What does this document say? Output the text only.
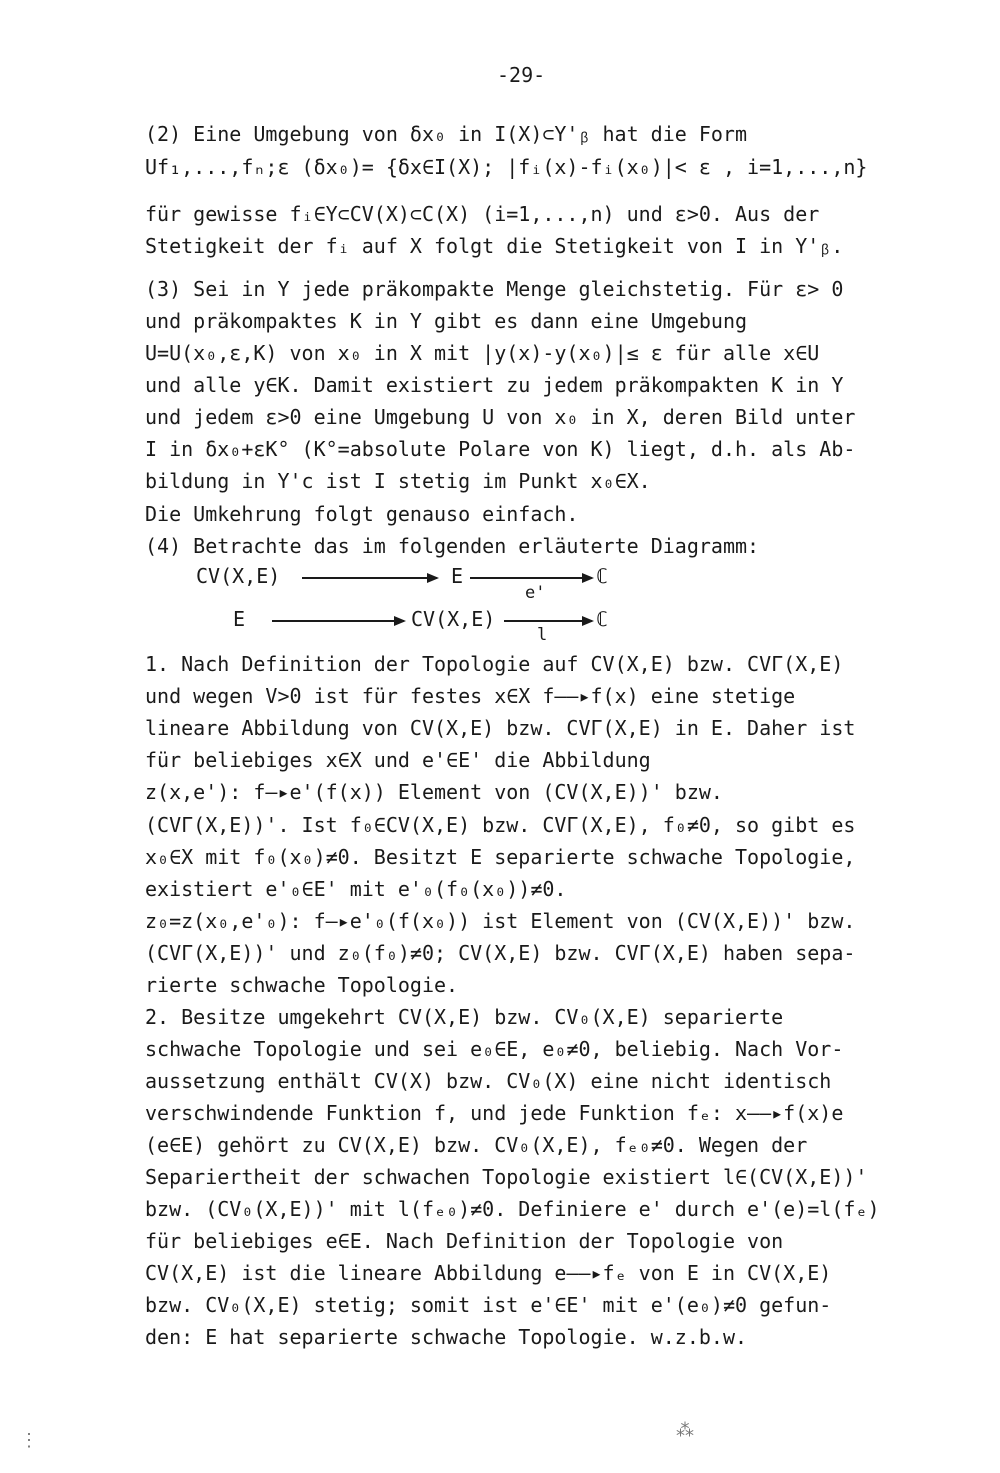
-29-
(2) Eine Umgebung von δx₀ in I(X)⊂Y'ᵦ hat die Form
Uf₁,...,fₙ;ε (δx₀)= {δx∈I(X); |fᵢ(x)-fᵢ(x₀)|< ε , i=1,...,n}
für gewisse fᵢ∈Y⊂CV(X)⊂C(X) (i=1,...,n) und ε>0. Aus der
Stetigkeit der fᵢ auf X folgt die Stetigkeit von I in Y'ᵦ.
(3) Sei in Y jede präkompakte Menge gleichstetig. Für ε> 0
und präkompaktes K in Y gibt es dann eine Umgebung
U=U(x₀,ε,K) von x₀ in X mit |y(x)-y(x₀)|≤ ε für alle x∈U
und alle y∈K. Damit existiert zu jedem präkompakten K in Y
und jedem ε>0 eine Umgebung U von x₀ in X, deren Bild unter
I in δx₀+εK° (K°=absolute Polare von K) liegt, d.h. als Ab-
bildung in Y'c ist I stetig im Punkt x₀∈X.
Die Umkehrung folgt genauso einfach.
(4) Betrachte das im folgenden erläuterte Diagramm:
CV(X,E)	E
e'
ℂ
E	CV(X,E)
l
ℂ
1. Nach Definition der Topologie auf CV(X,E) bzw. CVΓ(X,E)
und wegen V>0 ist für festes x∈X f——▸f(x) eine stetige
lineare Abbildung von CV(X,E) bzw. CVΓ(X,E) in E. Daher ist
für beliebiges x∈X und e'∈E' die Abbildung
z(x,e'): f—▸e'(f(x)) Element von (CV(X,E))' bzw.
(CVΓ(X,E))'. Ist f₀∈CV(X,E) bzw. CVΓ(X,E), f₀≠0, so gibt es
x₀∈X mit f₀(x₀)≠0. Besitzt E separierte schwache Topologie,
existiert e'₀∈E' mit e'₀(f₀(x₀))≠0.
z₀=z(x₀,e'₀): f—▸e'₀(f(x₀)) ist Element von (CV(X,E))' bzw.
(CVΓ(X,E))' und z₀(f₀)≠0; CV(X,E) bzw. CVΓ(X,E) haben sepa-
rierte schwache Topologie.
2. Besitze umgekehrt CV(X,E) bzw. CV₀(X,E) separierte
schwache Topologie und sei e₀∈E, e₀≠0, beliebig. Nach Vor-
aussetzung enthält CV(X) bzw. CV₀(X) eine nicht identisch
verschwindende Funktion f, und jede Funktion fₑ: x——▸f(x)e
(e∈E) gehört zu CV(X,E) bzw. CV₀(X,E), fₑ₀≠0. Wegen der
Separiertheit der schwachen Topologie existiert l∈(CV(X,E))'
bzw. (CV₀(X,E))' mit l(fₑ₀)≠0. Definiere e' durch e'(e)=l(fₑ)
für beliebiges e∈E. Nach Definition der Topologie von
CV(X,E) ist die lineare Abbildung e——▸fₑ von E in CV(X,E)
bzw. CV₀(X,E) stetig; somit ist e'∈E' mit e'(e₀)≠0 gefun-
den: E hat separierte schwache Topologie. w.z.b.w.
⁂
⋮
